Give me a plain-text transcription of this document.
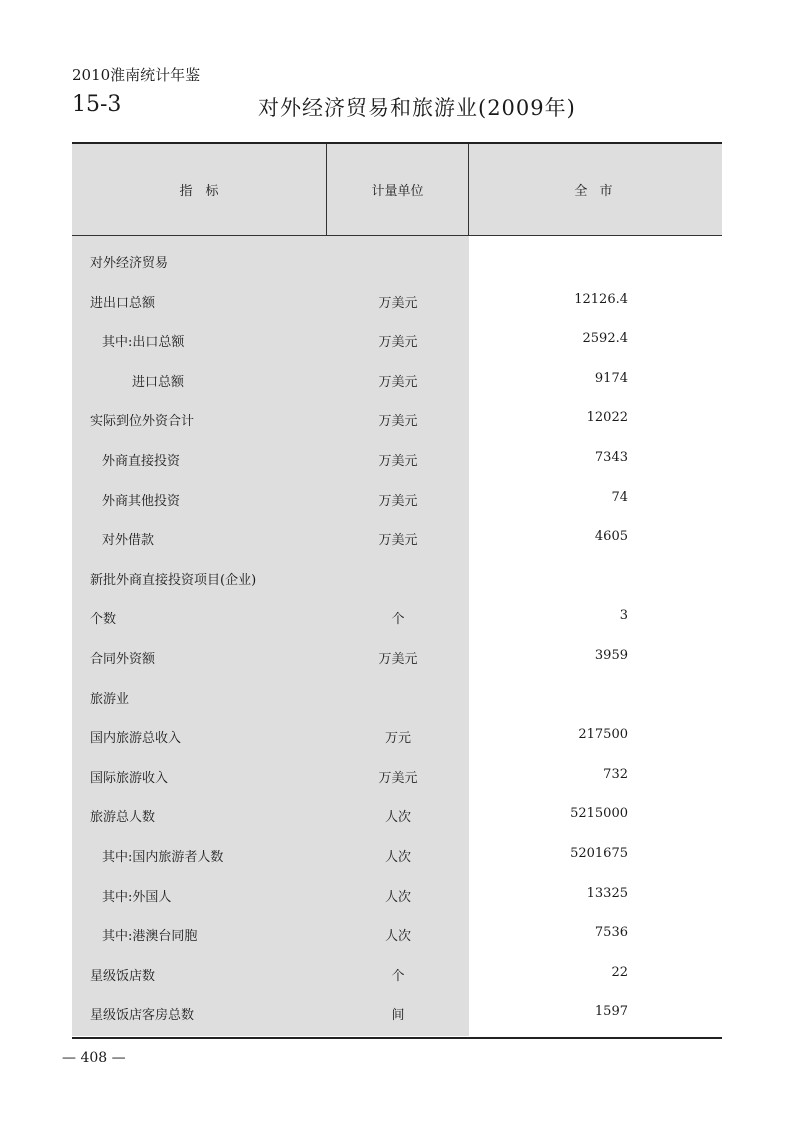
2010淮南统计年鉴
15-3	对外经济贸易和旅游业(2009年)
指　标	计量单位	全 市
对外经济贸易
进出口总额	万美元	12126.4
其中:出口总额	万美元	2592.4
进口总额	万美元	9174
实际到位外资合计	万美元	12022
外商直接投资	万美元	7343
外商其他投资	万美元	74
对外借款	万美元	4605
新批外商直接投资项目(企业)
个数	个	3
合同外资额	万美元	3959
旅游业
国内旅游总收入	万元	217500
国际旅游收入	万美元	732
旅游总人数	人次	5215000
其中:国内旅游者人数	人次	5201675
其中:外国人	人次	13325
其中:港澳台同胞	人次	7536
星级饭店数	个	22
星级饭店客房总数	间	1597
— 408 —
